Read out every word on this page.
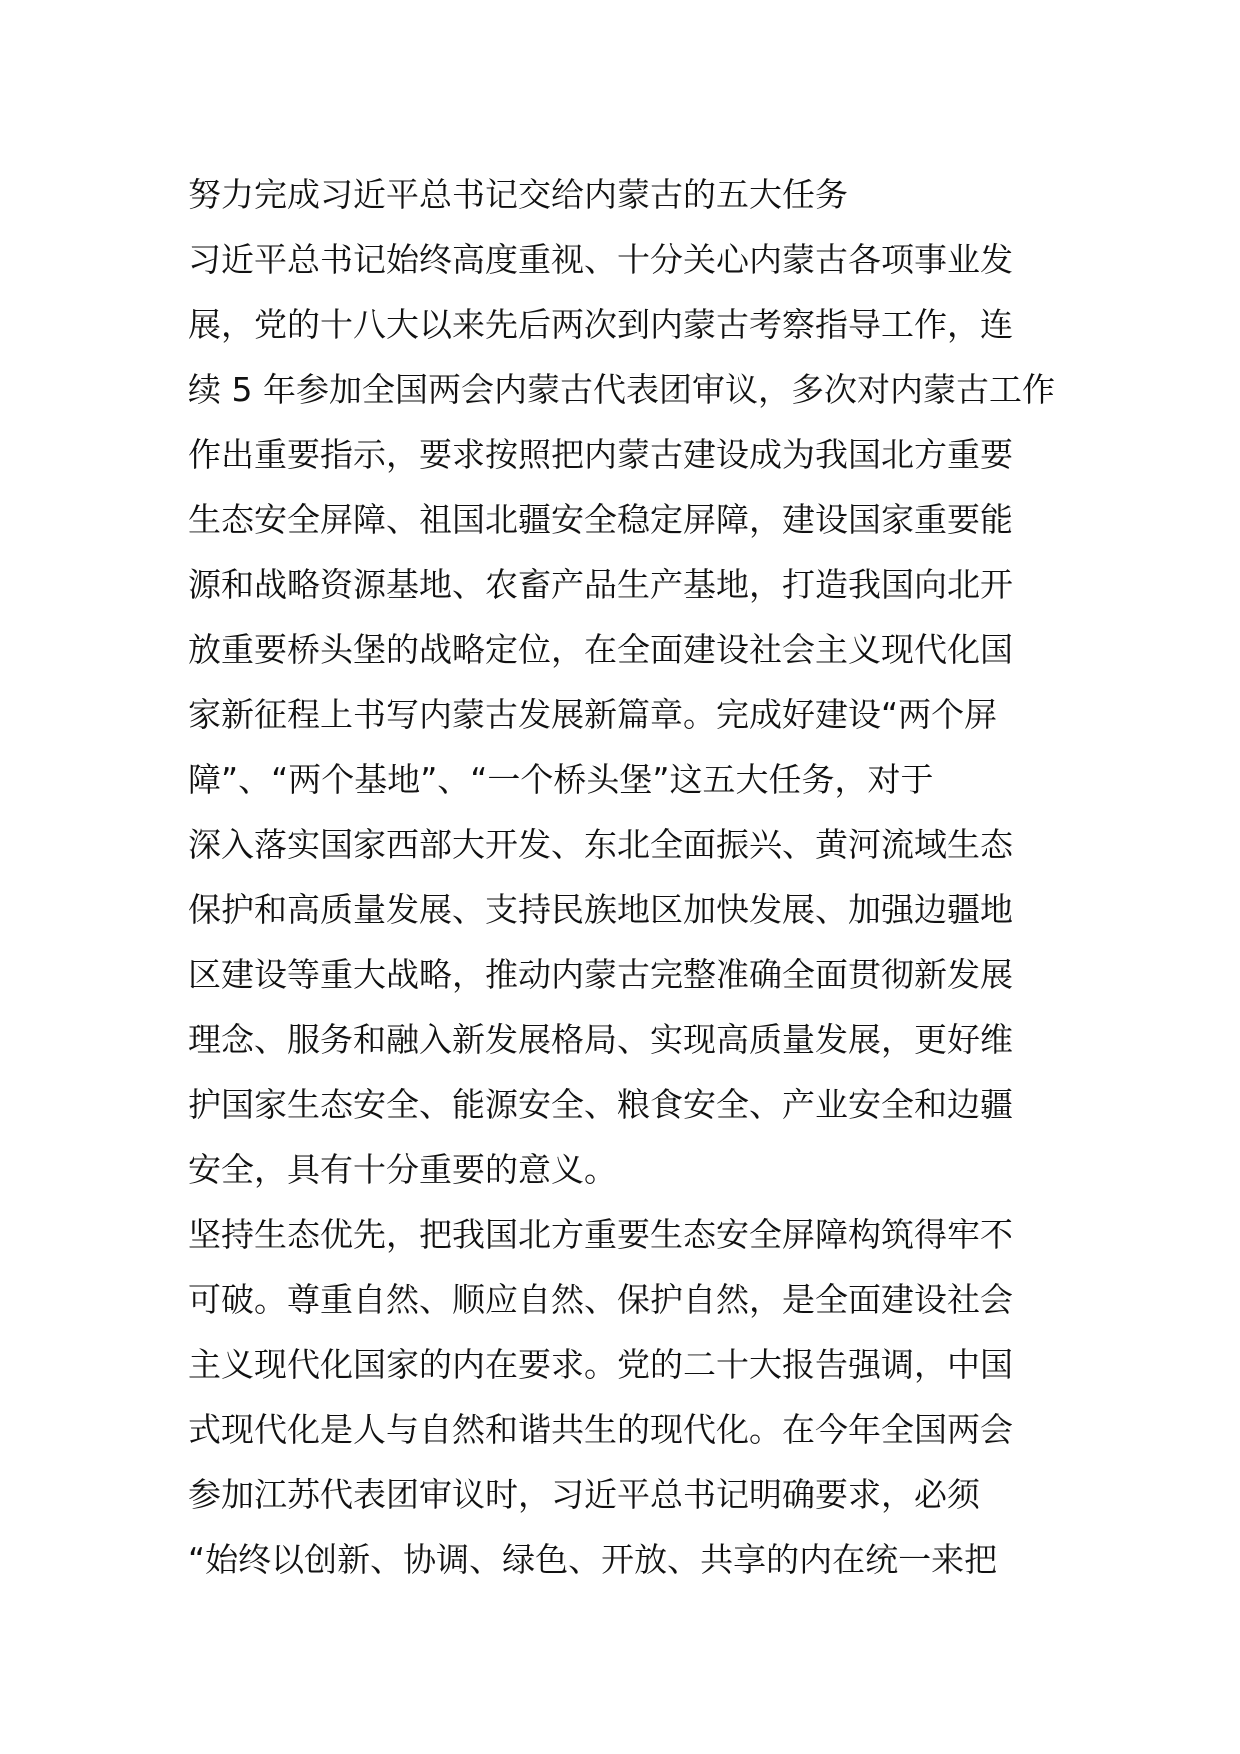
努力完成习近平总书记交给内蒙古的五大任务
习近平总书记始终高度重视、十分关心内蒙古各项事业发
展，党的十八大以来先后两次到内蒙古考察指导工作，连
续 5 年参加全国两会内蒙古代表团审议，多次对内蒙古工作
作出重要指示，要求按照把内蒙古建设成为我国北方重要
生态安全屏障、祖国北疆安全稳定屏障，建设国家重要能
源和战略资源基地、农畜产品生产基地，打造我国向北开
放重要桥头堡的战略定位，在全面建设社会主义现代化国
家新征程上书写内蒙古发展新篇章。完成好建设“两个屏
障”、“两个基地”、“一个桥头堡”这五大任务，对于
深入落实国家西部大开发、东北全面振兴、黄河流域生态
保护和高质量发展、支持民族地区加快发展、加强边疆地
区建设等重大战略，推动内蒙古完整准确全面贯彻新发展
理念、服务和融入新发展格局、实现高质量发展，更好维
护国家生态安全、能源安全、粮食安全、产业安全和边疆
安全，具有十分重要的意义。
坚持生态优先，把我国北方重要生态安全屏障构筑得牢不
可破。尊重自然、顺应自然、保护自然，是全面建设社会
主义现代化国家的内在要求。党的二十大报告强调，中国
式现代化是人与自然和谐共生的现代化。在今年全国两会
参加江苏代表团审议时，习近平总书记明确要求，必须
“始终以创新、协调、绿色、开放、共享的内在统一来把
